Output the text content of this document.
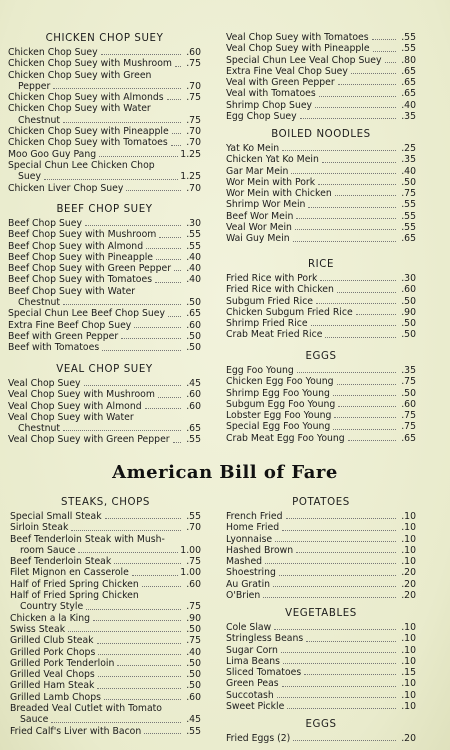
CHICKEN CHOP SUEY
Chicken Chop Suey	.60
Chicken Chop Suey with Mushroom	.75
Chicken Chop Suey with Green
Pepper	.70
Chicken Chop Suey with Almonds	.75
Chicken Chop Suey with Water
Chestnut	.75
Chicken Chop Suey with Pineapple	.70
Chicken Chop Suey with Tomatoes	.70
Moo Goo Guy Pang	1.25
Special Chun Lee Chicken Chop
Suey	1.25
Chicken Liver Chop Suey	.70
BEEF CHOP SUEY
Beef Chop Suey	.30
Beef Chop Suey with Mushroom	.55
Beef Chop Suey with Almond	.55
Beef Chop Suey with Pineapple	.40
Beef Chop Suey with Green Pepper	.40
Beef Chop Suey with Tomatoes	.40
Beef Chop Suey with Water
Chestnut	.50
Special Chun Lee Beef Chop Suey	.65
Extra Fine Beef Chop Suey	.60
Beef with Green Pepper	.50
Beef with Tomatoes	.50
VEAL CHOP SUEY
Veal Chop Suey	.45
Veal Chop Suey with Mushroom	.60
Veal Chop Suey with Almond	.60
Veal Chop Suey with Water
Chestnut	.65
Veal Chop Suey with Green Pepper	.55
Veal Chop Suey with Tomatoes	.55
Veal Chop Suey with Pineapple	.55
Special Chun Lee Veal Chop Suey	.80
Extra Fine Veal Chop Suey	.65
Veal with Green Pepper	.65
Veal with Tomatoes	.65
Shrimp Chop Suey	.40
Egg Chop Suey	.35
BOILED NOODLES
Yat Ko Mein	.25
Chicken Yat Ko Mein	.35
Gar Mar Mein	.40
Wor Mein with Pork	.50
Wor Mein with Chicken	.75
Shrimp Wor Mein	.55
Beef Wor Mein	.55
Veal Wor Mein	.55
Wai Guy Mein	.65
RICE
Fried Rice with Pork	.30
Fried Rice with Chicken	.60
Subgum Fried Rice	.50
Chicken Subgum Fried Rice	.90
Shrimp Fried Rice	.50
Crab Meat Fried Rice	.50
EGGS
Egg Foo Young	.35
Chicken Egg Foo Young	.75
Shrimp Egg Foo Young	.50
Subgum Egg Foo Young	.60
Lobster Egg Foo Young	.75
Special Egg Foo Young	.75
Crab Meat Egg Foo Young	.65
American Bill of Fare
STEAKS, CHOPS
Special Small Steak	.55
Sirloin Steak	.70
Beef Tenderloin Steak with Mush-
room Sauce	1.00
Beef Tenderloin Steak	.75
Filet Mignon en Casserole	1.00
Half of Fried Spring Chicken	.60
Half of Fried Spring Chicken
Country Style	.75
Chicken a la King	.90
Swiss Steak	.50
Grilled Club Steak	.75
Grilled Pork Chops	.40
Grilled Pork Tenderloin	.50
Grilled Veal Chops	.50
Grilled Ham Steak	.50
Grilled Lamb Chops	.60
Breaded Veal Cutlet with Tomato
Sauce	.45
Fried Calf's Liver with Bacon	.55
POTATOES
French Fried	.10
Home Fried	.10
Lyonnaise	.10
Hashed Brown	.10
Mashed	.10
Shoestring	.20
Au Gratin	.20
O'Brien	.20
VEGETABLES
Cole Slaw	.10
Stringless Beans	.10
Sugar Corn	.10
Lima Beans	.10
Sliced Tomatoes	.15
Green Peas	.10
Succotash	.10
Sweet Pickle	.10
EGGS
Fried Eggs (2)	.20
